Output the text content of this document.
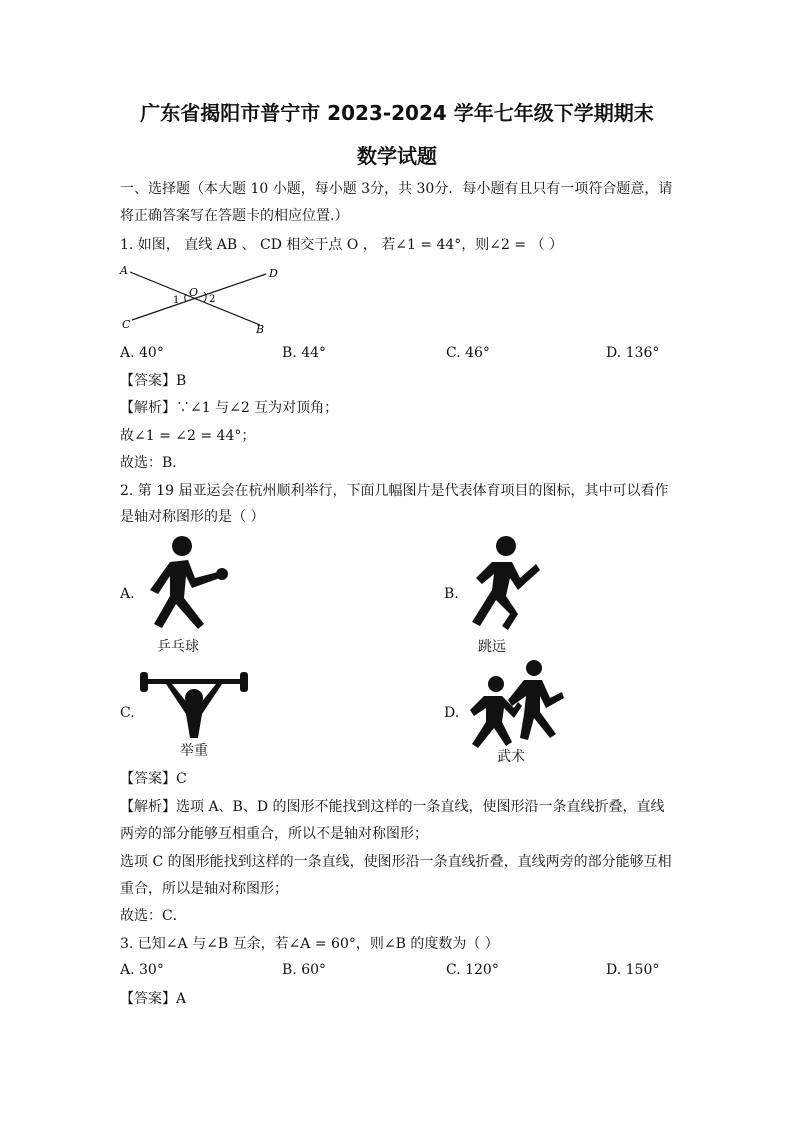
广东省揭阳市普宁市 2023-2024 学年七年级下学期期末
数学试题
一、选择题（本大题 10 小题，每小题 3分，共 30分．每小题有且只有一项符合题意，请
将正确答案写在答题卡的相应位置.）
1. 如图， 直线 AB 、 CD 相交于点 O ， 若∠1 = 44°，则∠2 = （ ）
A	D
C	B
O
1	2
A. 40°	B. 44°	C. 46°	D. 136°
【答案】B
【解析】∵∠1 与∠2 互为对顶角；
故∠1 = ∠2 = 44°；
故选：B．
2. 第 19 届亚运会在杭州顺利举行，下面几幅图片是代表体育项目的图标，其中可以看作
是轴对称图形的是（ ）
A.
乒乓球
B.
跳远
C.
举重
D.
武术
【答案】C
【解析】选项 A、B、D 的图形不能找到这样的一条直线，使图形沿一条直线折叠，直线
两旁的部分能够互相重合，所以不是轴对称图形；
选项 C 的图形能找到这样的一条直线，使图形沿一条直线折叠，直线两旁的部分能够互相
重合，所以是轴对称图形；
故选：C．
3. 已知∠A 与∠B 互余，若∠A = 60°，则∠B 的度数为（ ）
A. 30°	B. 60°	C. 120°	D. 150°
【答案】A
